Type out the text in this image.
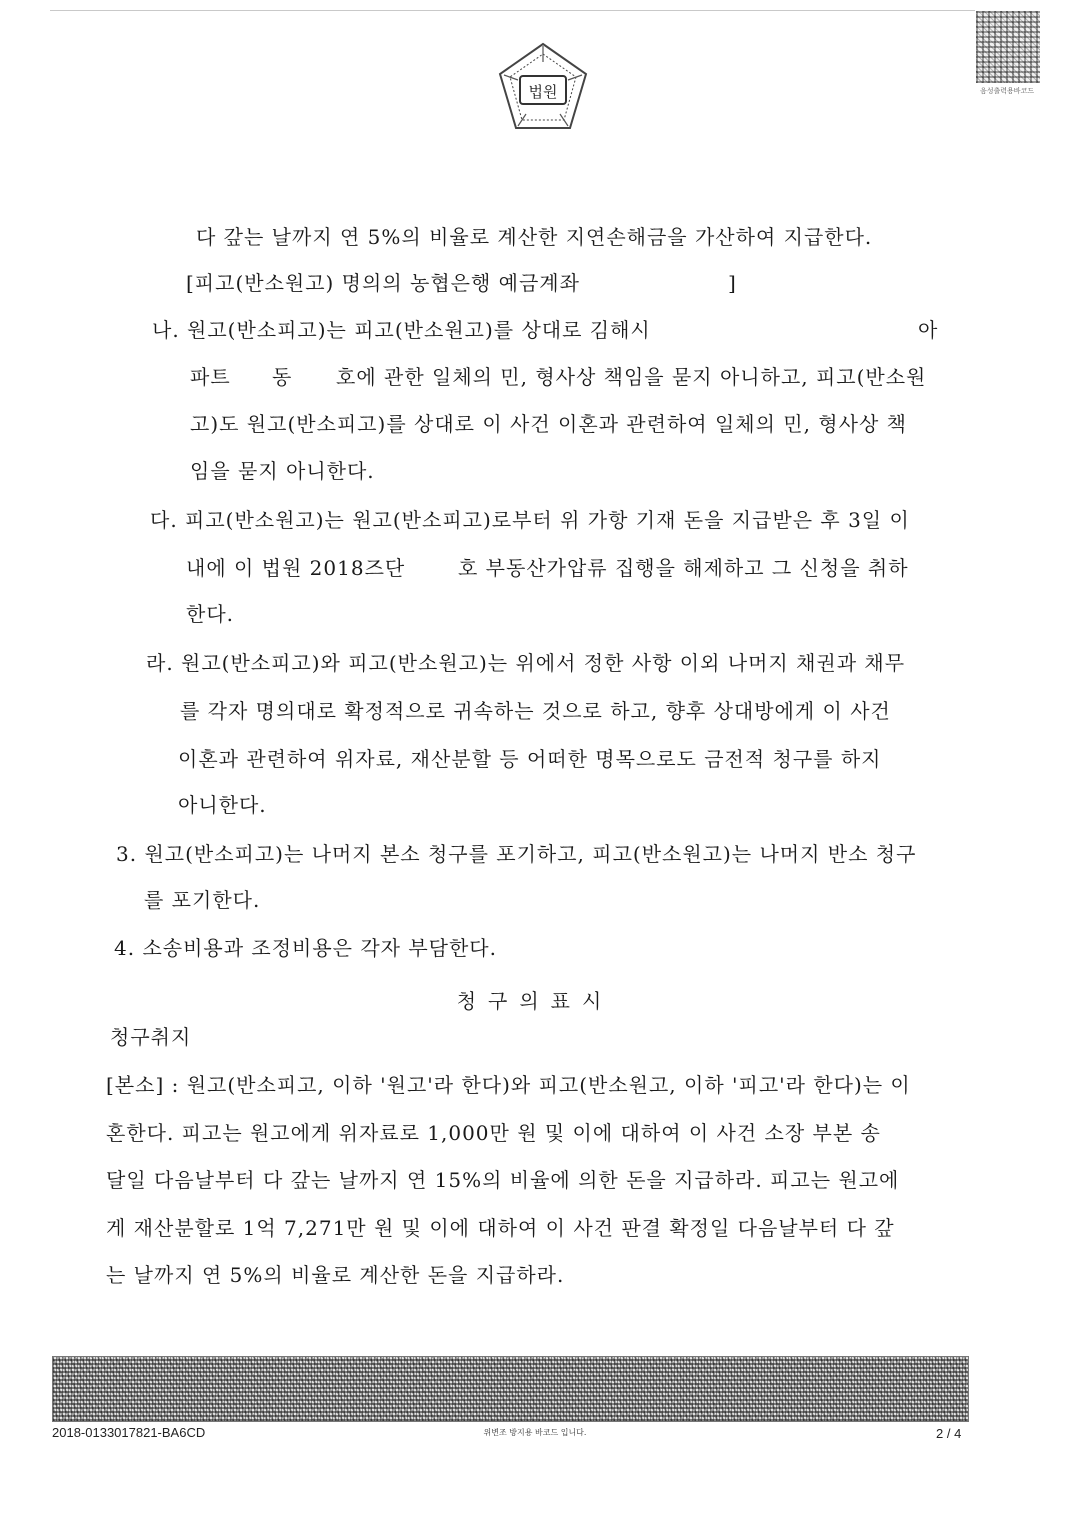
법원	음성출력용바코드
다 갚는 날까지 연 5%의 비율로 계산한 지연손해금을 가산하여 지급한다.
[피고(반소원고) 명의의 농협은행 예금계좌	]
나. 원고(반소피고)는 피고(반소원고)를 상대로 김해시	아
파트 동 호에 관한 일체의 민, 형사상 책임을 묻지 아니하고, 피고(반소원
고)도 원고(반소피고)를 상대로 이 사건 이혼과 관련하여 일체의 민, 형사상 책
임을 묻지 아니한다.
다. 피고(반소원고)는 원고(반소피고)로부터 위 가항 기재 돈을 지급받은 후 3일 이
내에 이 법원 2018즈단	호 부동산가압류 집행을 해제하고 그 신청을 취하
한다.
라. 원고(반소피고)와 피고(반소원고)는 위에서 정한 사항 이외 나머지 채권과 채무
를 각자 명의대로 확정적으로 귀속하는 것으로 하고, 향후 상대방에게 이 사건
이혼과 관련하여 위자료, 재산분할 등 어떠한 명목으로도 금전적 청구를 하지
아니한다.
3. 원고(반소피고)는 나머지 본소 청구를 포기하고, 피고(반소원고)는 나머지 반소 청구
를 포기한다.
4. 소송비용과 조정비용은 각자 부담한다.
청구취지
[본소] : 원고(반소피고, 이하 '원고'라 한다)와 피고(반소원고, 이하 '피고'라 한다)는 이
혼한다. 피고는 원고에게 위자료로 1,000만 원 및 이에 대하여 이 사건 소장 부본 송
달일 다음날부터 다 갚는 날까지 연 15%의 비율에 의한 돈을 지급하라. 피고는 원고에
게 재산분할로 1억 7,271만 원 및 이에 대하여 이 사건 판결 확정일 다음날부터 다 갚
는 날까지 연 5%의 비율로 계산한 돈을 지급하라.
청구의표시
2018-0133017821-BA6CD	위변조 방지용 바코드 입니다.	2 / 4
